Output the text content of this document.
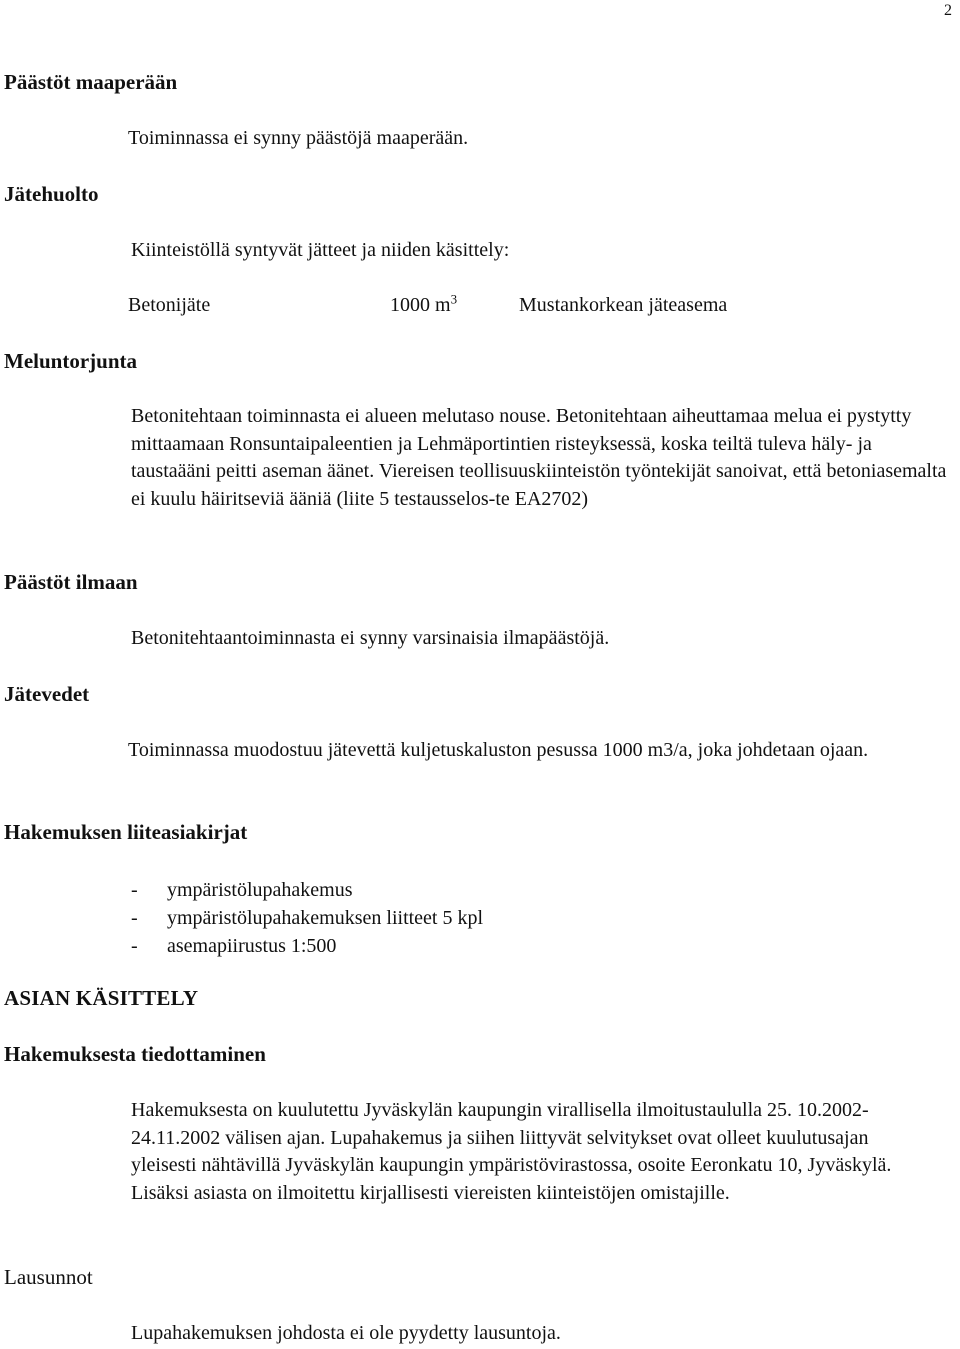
2
Päästöt maaperään
Toiminnassa ei synny päästöjä maaperään.
Jätehuolto
Kiinteistöllä syntyvät jätteet ja niiden käsittely:
Betonijäte	1000 $m^3$	Mustankorkean jäteasema
Meluntorjunta
Betonitehtaan toiminnasta ei alueen melutaso nouse. Betonitehtaan aiheuttamaa melua ei pystytty mittaamaan Ronsuntaipaleentien ja Lehmäportintien risteyksessä, koska teiltä tuleva häly- ja taustaääni peitti aseman äänet. Viereisen teollisuuskiinteistön työntekijät sanoivat, että betoniasemalta ei kuulu häiritseviä ääniä (liite 5 testausselos-te EA2702)
Päästöt ilmaan
Betonitehtaantoiminnasta ei synny varsinaisia ilmapäästöjä.
Jätevedet
Toiminnassa muodostuu jätevettä kuljetuskaluston pesussa 1000 m3/a, joka johdetaan ojaan.
Hakemuksen liiteasiakirjat
- ympäristölupahakemus
- ympäristölupahakemuksen liitteet 5 kpl
- asemapiirustus 1:500
ASIAN KÄSITTELY
Hakemuksesta tiedottaminen
Hakemuksesta on kuulutettu Jyväskylän kaupungin virallisella ilmoitustaululla 25. 10.2002-24.11.2002 välisen ajan. Lupahakemus ja siihen liittyvät selvitykset ovat olleet kuulutusajan yleisesti nähtävillä Jyväskylän kaupungin ympäristövirastossa, osoite Eeronkatu 10, Jyväskylä. Lisäksi asiasta on ilmoitettu kirjallisesti viereisten kiinteistöjen omistajille.
Lausunnot
Lupahakemuksen johdosta ei ole pyydetty lausuntoja.
